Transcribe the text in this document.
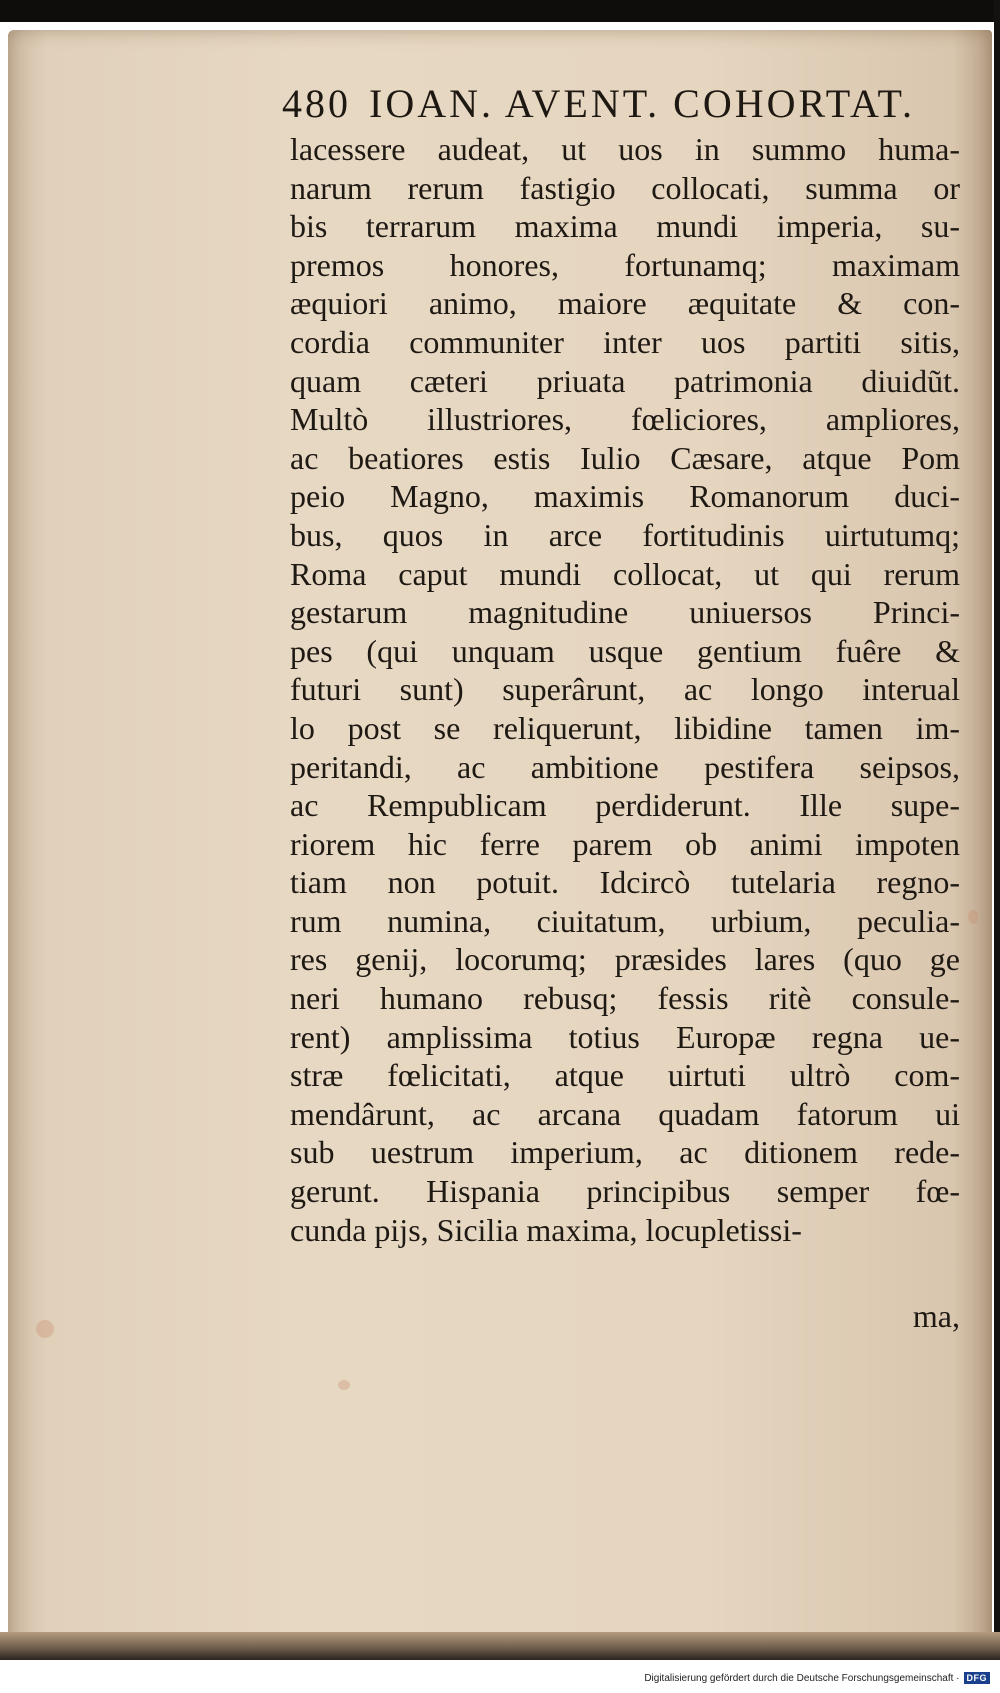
480 IOAN. AVENT. COHORTAT.
lacessere audeat, ut uos in summo huma-
narum rerum fastigio collocati, summa or
bis terrarum maxima mundi imperia, su-
premos honores, fortunamq; maximam
æquiori animo, maiore æquitate & con-
cordia communiter inter uos partiti sitis,
quam cæteri priuata patrimonia diuidũt.
Multò illustriores, fœliciores, ampliores,
ac beatiores estis Iulio Cæsare, atque Pom
peio Magno, maximis Romanorum duci-
bus, quos in arce fortitudinis uirtutumq;
Roma caput mundi collocat, ut qui rerum
gestarum magnitudine uniuersos Princi-
pes (qui unquam usque gentium fuêre &
futuri sunt) superârunt, ac longo interual
lo post se reliquerunt, libidine tamen im-
peritandi, ac ambitione pestifera seipsos,
ac Rempublicam perdiderunt. Ille supe-
riorem hic ferre parem ob animi impoten
tiam non potuit. Idcircò tutelaria regno-
rum numina, ciuitatum, urbium, peculia-
res genij, locorumq; præsides lares (quo ge
neri humano rebusq; fessis ritè consule-
rent) amplissima totius Europæ regna ue-
stræ fœlicitati, atque uirtuti ultrò com-
mendârunt, ac arcana quadam fatorum ui
sub uestrum imperium, ac ditionem rede-
gerunt. Hispania principibus semper fœ-
cunda pijs, Sicilia maxima, locupletissi-
ma,
Digitalisierung gefördert durch die Deutsche Forschungsgemeinschaft · DFG
